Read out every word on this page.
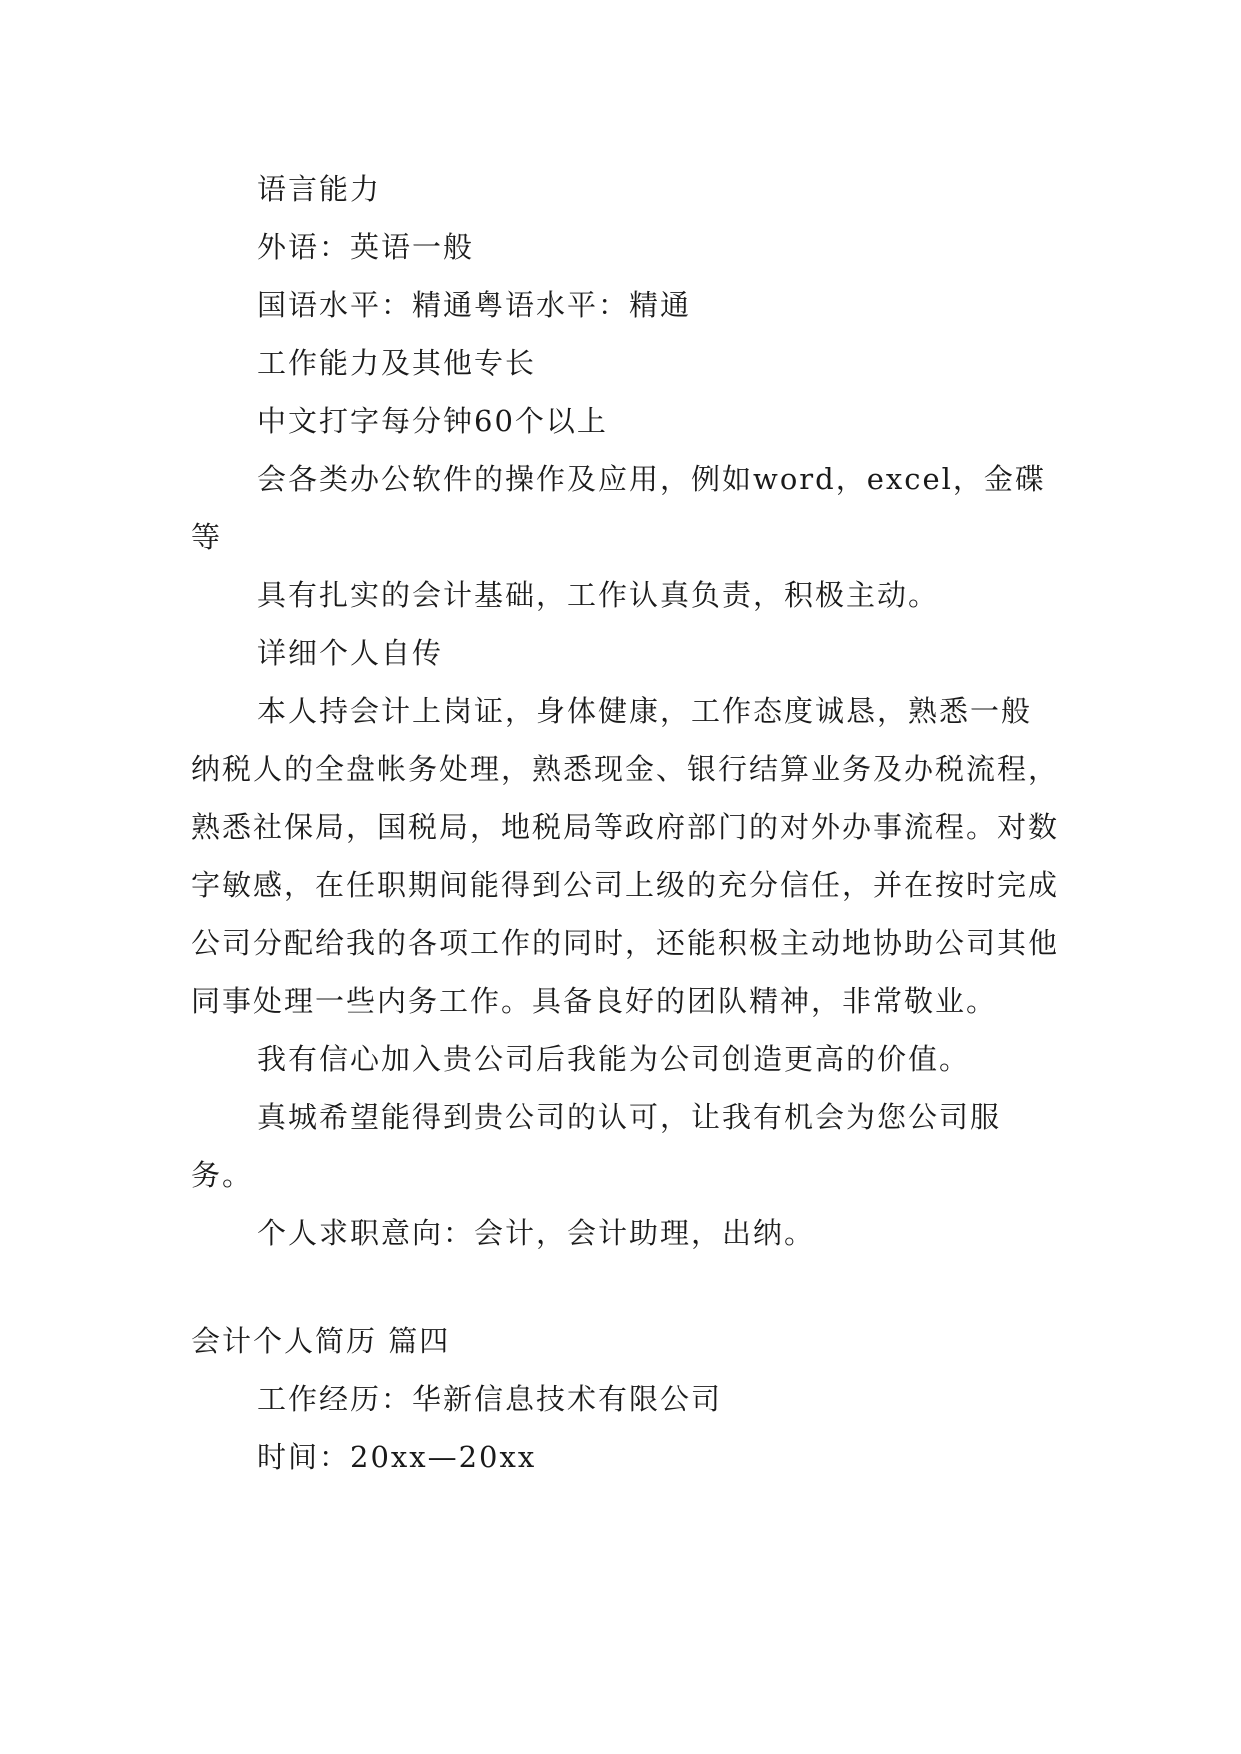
语言能力

外语：英语一般

国语水平：精通粤语水平：精通

工作能力及其他专长

中文打字每分钟60个以上

会各类办公软件的操作及应用，例如word，excel，金碟等

具有扎实的会计基础，工作认真负责，积极主动。

详细个人自传

本人持会计上岗证，身体健康，工作态度诚恳，熟悉一般纳税人的全盘帐务处理，熟悉现金、银行结算业务及办税流程，熟悉社保局，国税局，地税局等政府部门的对外办事流程。对数字敏感，在任职期间能得到公司上级的充分信任，并在按时完成公司分配给我的各项工作的同时，还能积极主动地协助公司其他同事处理一些内务工作。具备良好的团队精神，非常敬业。

我有信心加入贵公司后我能为公司创造更高的价值。

真城希望能得到贵公司的认可，让我有机会为您公司服务。

个人求职意向：会计，会计助理，出纳。

会计个人简历 篇四

工作经历：华新信息技术有限公司

时间：20xx—20xx
